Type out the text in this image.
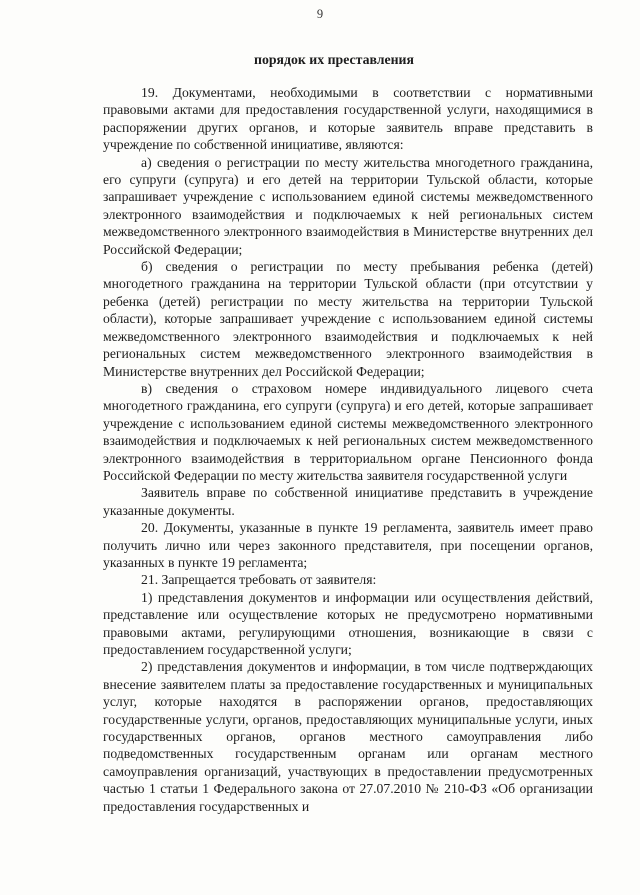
9
порядок их преставления

19. Документами, необходимыми в соответствии с нормативными правовыми актами для предоставления государственной услуги, находящимися в распоряжении других органов, и которые заявитель вправе представить в учреждение по собственной инициативе, являются:

а) сведения о регистрации по месту жительства многодетного гражданина, его супруги (супруга) и его детей на территории Тульской области, которые запрашивает учреждение с использованием единой системы межведомственного электронного взаимодействия и подключаемых к ней региональных систем межведомственного электронного взаимодействия в Министерстве внутренних дел Российской Федерации;

б) сведения о регистрации по месту пребывания ребенка (детей) многодетного гражданина на территории Тульской области (при отсутствии у ребенка (детей) регистрации по месту жительства на территории Тульской области), которые запрашивает учреждение с использованием единой системы межведомственного электронного взаимодействия и подключаемых к ней региональных систем межведомственного электронного взаимодействия в Министерстве внутренних дел Российской Федерации;

в) сведения о страховом номере индивидуального лицевого счета многодетного гражданина, его супруги (супруга) и его детей, которые запрашивает учреждение с использованием единой системы межведомственного электронного взаимодействия и подключаемых к ней региональных систем межведомственного электронного взаимодействия в территориальном органе Пенсионного фонда Российской Федерации по месту жительства заявителя государственной услуги

Заявитель вправе по собственной инициативе представить в учреждение указанные документы.

20. Документы, указанные в пункте 19 регламента, заявитель имеет право получить лично или через законного представителя, при посещении органов, указанных в пункте 19 регламента;

21. Запрещается требовать от заявителя:

1) представления документов и информации или осуществления действий, представление или осуществление которых не предусмотрено нормативными правовыми актами, регулирующими отношения, возникающие в связи с предоставлением государственной услуги;

2) представления документов и информации, в том числе подтверждающих внесение заявителем платы за предоставление государственных и муниципальных услуг, которые находятся в распоряжении органов, предоставляющих государственные услуги, органов, предоставляющих муниципальные услуги, иных государственных органов, органов местного самоуправления либо подведомственных государственным органам или органам местного самоуправления организаций, участвующих в предоставлении предусмотренных частью 1 статьи 1 Федерального закона от 27.07.2010 № 210-ФЗ «Об организации предоставления государственных и
